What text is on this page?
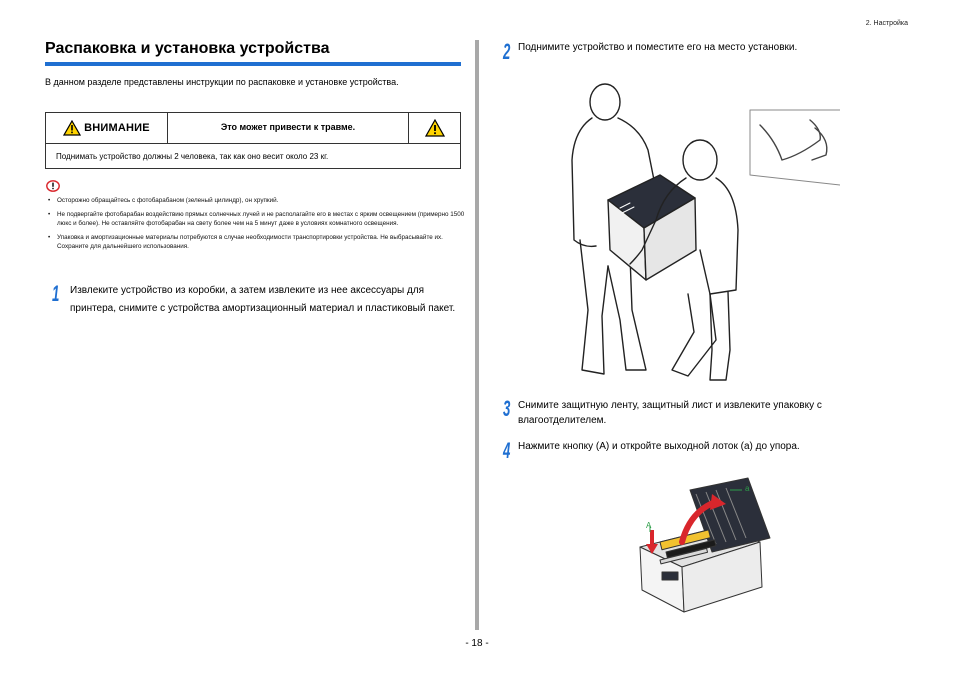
2. Настройка
Распаковка и установка устройства
В данном разделе представлены инструкции по распаковке и установке устройства.
ВНИМАНИЕ	Это может привести к травме.
Поднимать устройство должны 2 человека, так как оно весит около 23 кг.
• Осторожно обращайтесь с фотобарабаном (зеленый цилиндр), он хрупкий.
• Не подвергайте фотобарабан воздействию прямых солнечных лучей и не располагайте его в местах с ярким освещением (примерно 1500 люкс и более). Не оставляйте фотобарабан на свету более чем на 5 минут даже в условиях комнатного освещения.
• Упаковка и амортизационные материалы потребуются в случае необходимости транспортировки устройства. Не выбрасывайте их. Сохраните для дальнейшего использования.
1 Извлеките устройство из коробки, а затем извлеките из нее аксессуары для принтера, снимите с устройства амортизационный материал и пластиковый пакет.
2 Поднимите устройство и поместите его на место установки.
3 Снимите защитную ленту, защитный лист и извлеките упаковку с влагоотделителем.
4 Нажмите кнопку (A) и откройте выходной лоток (a) до упора.
a
A
- 18 -
